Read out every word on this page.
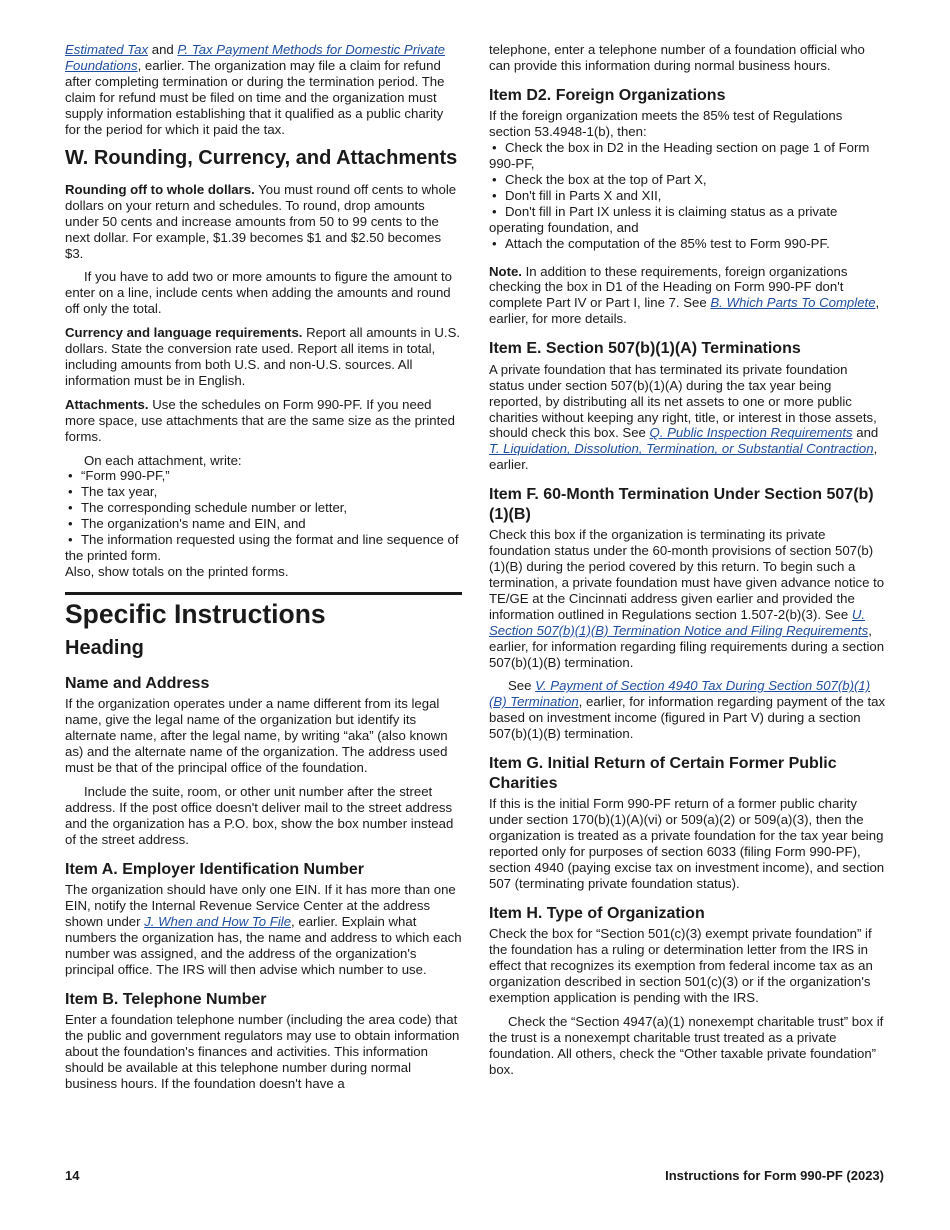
Estimated Tax and P. Tax Payment Methods for Domestic Private Foundations, earlier. The organization may file a claim for refund after completing termination or during the termination period. The claim for refund must be filed on time and the organization must supply information establishing that it qualified as a public charity for the period for which it paid the tax.

W. Rounding, Currency, and Attachments

Rounding off to whole dollars. You must round off cents to whole dollars on your return and schedules. To round, drop amounts under 50 cents and increase amounts from 50 to 99 cents to the next dollar. For example, $1.39 becomes $1 and $2.50 becomes $3.

If you have to add two or more amounts to figure the amount to enter on a line, include cents when adding the amounts and round off only the total.

Currency and language requirements. Report all amounts in U.S. dollars. State the conversion rate used. Report all items in total, including amounts from both U.S. and non-U.S. sources. All information must be in English.

Attachments. Use the schedules on Form 990-PF. If you need more space, use attachments that are the same size as the printed forms.

On each attachment, write:

• “Form 990-PF,”
• The tax year,
• The corresponding schedule number or letter,
• The organization's name and EIN, and
• The information requested using the format and line sequence of the printed form.

Also, show totals on the printed forms.

Specific Instructions
Heading
Name and Address

If the organization operates under a name different from its legal name, give the legal name of the organization but identify its alternate name, after the legal name, by writing “aka” (also known as) and the alternate name of the organization. The address used must be that of the principal office of the foundation.

Include the suite, room, or other unit number after the street address. If the post office doesn't deliver mail to the street address and the organization has a P.O. box, show the box number instead of the street address.

Item A. Employer Identification Number

The organization should have only one EIN. If it has more than one EIN, notify the Internal Revenue Service Center at the address shown under J. When and How To File, earlier. Explain what numbers the organization has, the name and address to which each number was assigned, and the address of the organization's principal office. The IRS will then advise which number to use.

Item B. Telephone Number

Enter a foundation telephone number (including the area code) that the public and government regulators may use to obtain information about the foundation's finances and activities. This information should be available at this telephone number during normal business hours. If the foundation doesn't have a

telephone, enter a telephone number of a foundation official who can provide this information during normal business hours.

Item D2. Foreign Organizations

If the foreign organization meets the 85% test of Regulations section 53.4948-1(b), then:

• Check the box in D2 in the Heading section on page 1 of Form 990-PF,
• Check the box at the top of Part X,
• Don't fill in Parts X and XII,
• Don't fill in Part IX unless it is claiming status as a private operating foundation, and
• Attach the computation of the 85% test to Form 990-PF.

Note. In addition to these requirements, foreign organizations checking the box in D1 of the Heading on Form 990-PF don't complete Part IV or Part I, line 7. See B. Which Parts To Complete, earlier, for more details.

Item E. Section 507(b)(1)(A) Terminations

A private foundation that has terminated its private foundation status under section 507(b)(1)(A) during the tax year being reported, by distributing all its net assets to one or more public charities without keeping any right, title, or interest in those assets, should check this box. See Q. Public Inspection Requirements and T. Liquidation, Dissolution, Termination, or Substantial Contraction, earlier.

Item F. 60-Month Termination Under Section 507(b)(1)(B)

Check this box if the organization is terminating its private foundation status under the 60-month provisions of section 507(b)(1)(B) during the period covered by this return. To begin such a termination, a private foundation must have given advance notice to TE/GE at the Cincinnati address given earlier and provided the information outlined in Regulations section 1.507-2(b)(3). See U. Section 507(b)(1)(B) Termination Notice and Filing Requirements, earlier, for information regarding filing requirements during a section 507(b)(1)(B) termination.

See V. Payment of Section 4940 Tax During Section 507(b)(1)(B) Termination, earlier, for information regarding payment of the tax based on investment income (figured in Part V) during a section 507(b)(1)(B) termination.

Item G. Initial Return of Certain Former Public Charities

If this is the initial Form 990-PF return of a former public charity under section 170(b)(1)(A)(vi) or 509(a)(2) or 509(a)(3), then the organization is treated as a private foundation for the tax year being reported only for purposes of section 6033 (filing Form 990-PF), section 4940 (paying excise tax on investment income), and section 507 (terminating private foundation status).

Item H. Type of Organization

Check the box for “Section 501(c)(3) exempt private foundation” if the foundation has a ruling or determination letter from the IRS in effect that recognizes its exemption from federal income tax as an organization described in section 501(c)(3) or if the organization's exemption application is pending with the IRS.

Check the “Section 4947(a)(1) nonexempt charitable trust” box if the trust is a nonexempt charitable trust treated as a private foundation. All others, check the “Other taxable private foundation” box.

14	Instructions for Form 990-PF (2023)
